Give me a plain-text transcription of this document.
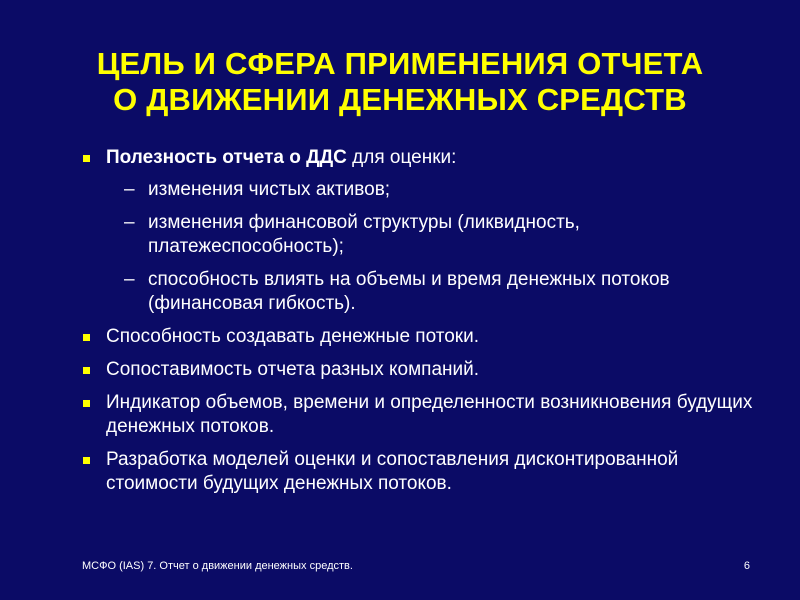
ЦЕЛЬ И СФЕРА ПРИМЕНЕНИЯ ОТЧЕТА
О ДВИЖЕНИИ ДЕНЕЖНЫХ СРЕДСТВ
Полезность отчета о ДДС для оценки:
– изменения чистых активов;
– изменения финансовой структуры (ликвидность, платежеспособность);
– способность влиять на объемы и время денежных потоков (финансовая гибкость).
Способность создавать денежные потоки.
Сопоставимость отчета разных компаний.
Индикатор объемов, времени и определенности возникновения будущих денежных потоков.
Разработка моделей оценки и сопоставления дисконтированной стоимости будущих денежных потоков.
МСФО (IAS) 7. Отчет о движении денежных средств.	6
